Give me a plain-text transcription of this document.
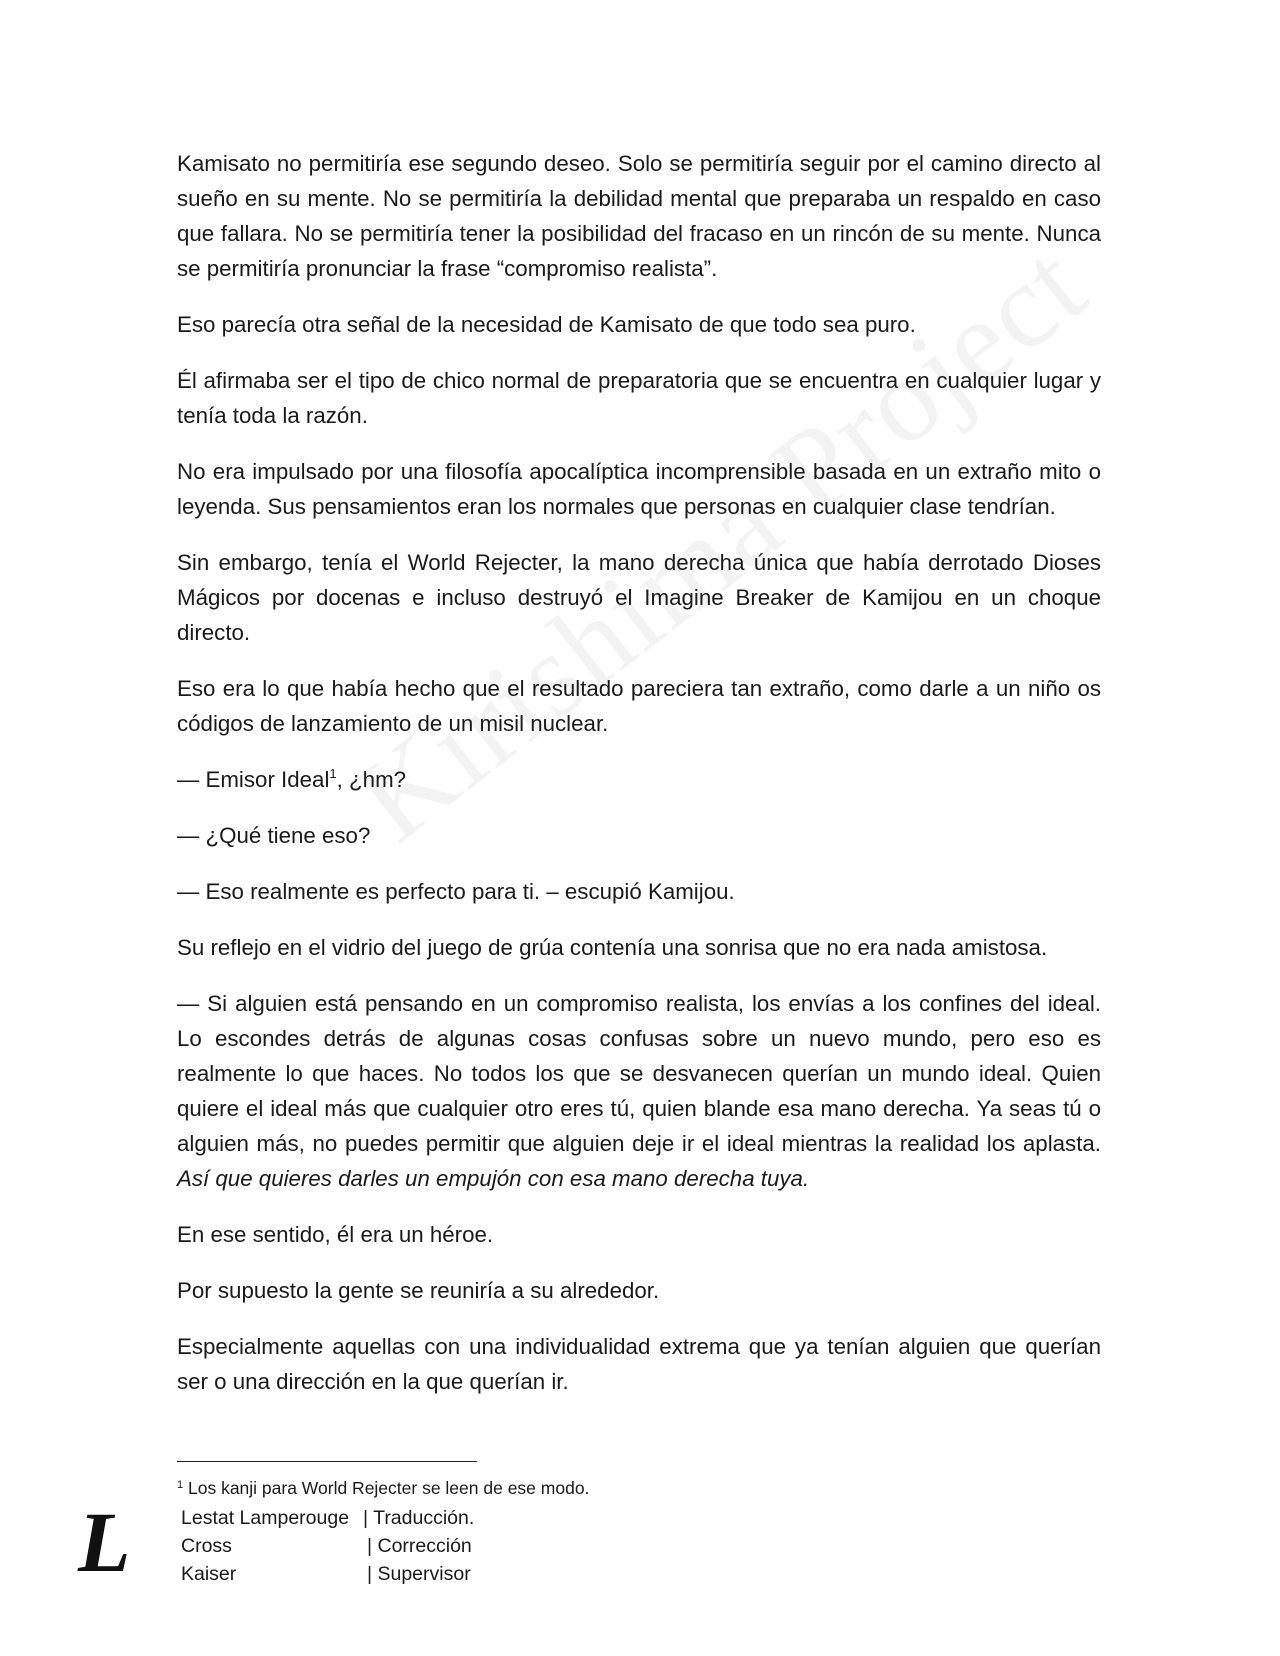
Kamisato no permitiría ese segundo deseo. Solo se permitiría seguir por el camino directo al sueño en su mente. No se permitiría la debilidad mental que preparaba un respaldo en caso que fallara. No se permitiría tener la posibilidad del fracaso en un rincón de su mente. Nunca se permitiría pronunciar la frase “compromiso realista”.

Eso parecía otra señal de la necesidad de Kamisato de que todo sea puro.

Él afirmaba ser el tipo de chico normal de preparatoria que se encuentra en cualquier lugar y tenía toda la razón.

No era impulsado por una filosofía apocalíptica incomprensible basada en un extraño mito o leyenda. Sus pensamientos eran los normales que personas en cualquier clase tendrían.

Sin embargo, tenía el World Rejecter, la mano derecha única que había derrotado Dioses Mágicos por docenas e incluso destruyó el Imagine Breaker de Kamijou en un choque directo.

Eso era lo que había hecho que el resultado pareciera tan extraño, como darle a un niño os códigos de lanzamiento de un misil nuclear.

— Emisor Ideal$^1$, ¿hm?

— ¿Qué tiene eso?

— Eso realmente es perfecto para ti. – escupió Kamijou.

Su reflejo en el vidrio del juego de grúa contenía una sonrisa que no era nada amistosa.

— Si alguien está pensando en un compromiso realista, los envías a los confines del ideal. Lo escondes detrás de algunas cosas confusas sobre un nuevo mundo, pero eso es realmente lo que haces. No todos los que se desvanecen querían un mundo ideal. Quien quiere el ideal más que cualquier otro eres tú, quien blande esa mano derecha. Ya seas tú o alguien más, no puedes permitir que alguien deje ir el ideal mientras la realidad los aplasta. Así que quieres darles un empujón con esa mano derecha tuya.

En ese sentido, él era un héroe.

Por supuesto la gente se reuniría a su alrededor.

Especialmente aquellas con una individualidad extrema que ya tenían alguien que querían ser o una dirección en la que querían ir.

$^1$ Los kanji para World Rejecter se leen de ese modo.
L	Lestat Lamperouge | Traducción.
Cross	| Corrección
Kaiser	| Supervisor
